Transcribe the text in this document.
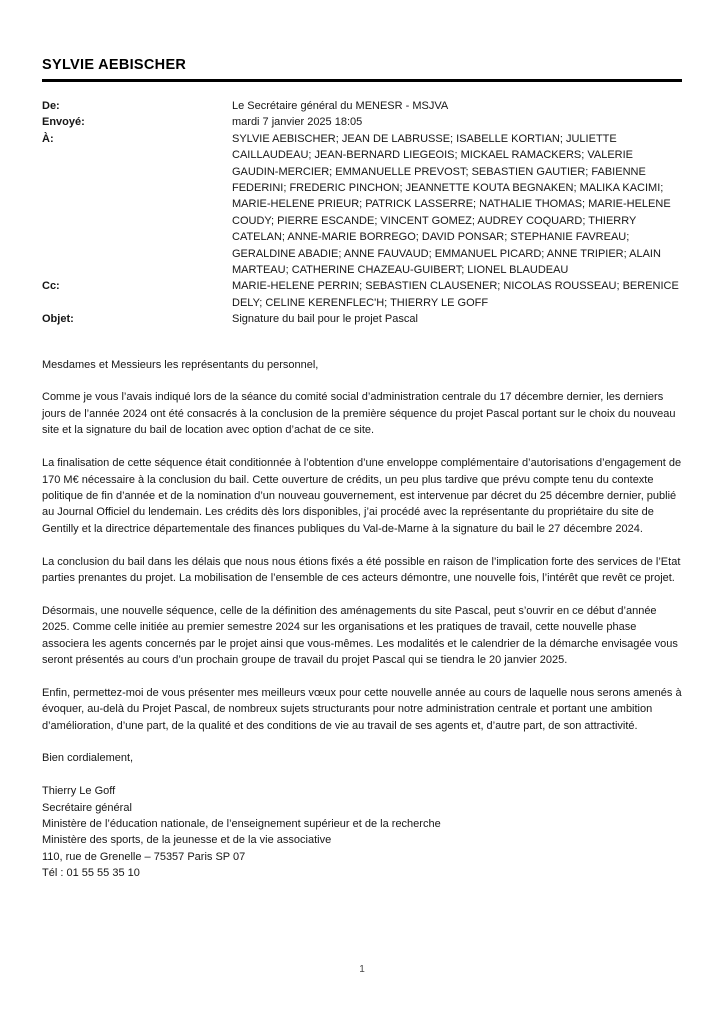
SYLVIE AEBISCHER
De:	Le Secrétaire général du MENESR - MSJVA
Envoyé:	mardi 7 janvier 2025 18:05
À:	SYLVIE AEBISCHER; JEAN DE LABRUSSE; ISABELLE KORTIAN; JULIETTE
CAILLAUDEAU; JEAN-BERNARD LIEGEOIS; MICKAEL RAMACKERS; VALERIE
GAUDIN-MERCIER; EMMANUELLE PREVOST; SEBASTIEN GAUTIER; FABIENNE
FEDERINI; FREDERIC PINCHON; JEANNETTE KOUTA BEGNAKEN; MALIKA KACIMI;
MARIE-HELENE PRIEUR; PATRICK LASSERRE; NATHALIE THOMAS; MARIE-HELENE
COUDY; PIERRE ESCANDE; VINCENT GOMEZ; AUDREY COQUARD; THIERRY
CATELAN; ANNE-MARIE BORREGO; DAVID PONSAR; STEPHANIE FAVREAU;
GERALDINE ABADIE; ANNE FAUVAUD; EMMANUEL PICARD; ANNE TRIPIER; ALAIN
MARTEAU; CATHERINE CHAZEAU-GUIBERT; LIONEL BLAUDEAU
Cc:	MARIE-HELENE PERRIN; SEBASTIEN CLAUSENER; NICOLAS ROUSSEAU; BERENICE
DELY; CELINE KERENFLEC'H; THIERRY LE GOFF
Objet:	Signature du bail pour le projet Pascal

Mesdames et Messieurs les représentants du personnel,

Comme je vous l’avais indiqué lors de la séance du comité social d’administration centrale du 17 décembre dernier, les derniers jours de l’année 2024 ont été consacrés à la conclusion de la première séquence du projet Pascal portant sur le choix du nouveau site et la signature du bail de location avec option d’achat de ce site.

La finalisation de cette séquence était conditionnée à l’obtention d’une enveloppe complémentaire d’autorisations d’engagement de 170 M€ nécessaire à la conclusion du bail. Cette ouverture de crédits, un peu plus tardive que prévu compte tenu du contexte politique de fin d’année et de la nomination d’un nouveau gouvernement, est intervenue par décret du 25 décembre dernier, publié au Journal Officiel du lendemain. Les crédits dès lors disponibles, j’ai procédé avec la représentante du propriétaire du site de Gentilly et la directrice départementale des finances publiques du Val-de-Marne à la signature du bail le 27 décembre 2024.

La conclusion du bail dans les délais que nous nous étions fixés a été possible en raison de l’implication forte des services de l’Etat parties prenantes du projet. La mobilisation de l’ensemble de ces acteurs démontre, une nouvelle fois, l’intérêt que revêt ce projet.

Désormais, une nouvelle séquence, celle de la définition des aménagements du site Pascal, peut s’ouvrir en ce début d’année 2025. Comme celle initiée au premier semestre 2024 sur les organisations et les pratiques de travail, cette nouvelle phase associera les agents concernés par le projet ainsi que vous-mêmes. Les modalités et le calendrier de la démarche envisagée vous seront présentés au cours d’un prochain groupe de travail du projet Pascal qui se tiendra le 20 janvier 2025.

Enfin, permettez-moi de vous présenter mes meilleurs vœux pour cette nouvelle année au cours de laquelle nous serons amenés à évoquer, au-delà du Projet Pascal, de nombreux sujets structurants pour notre administration centrale et portant une ambition d’amélioration, d’une part, de la qualité et des conditions de vie au travail de ses agents et, d’autre part, de son attractivité.

Bien cordialement,

Thierry Le Goff
Secrétaire général
Ministère de l’éducation nationale, de l’enseignement supérieur et de la recherche
Ministère des sports, de la jeunesse et de la vie associative
110, rue de Grenelle – 75357 Paris SP 07
Tél : 01 55 55 35 10
1
